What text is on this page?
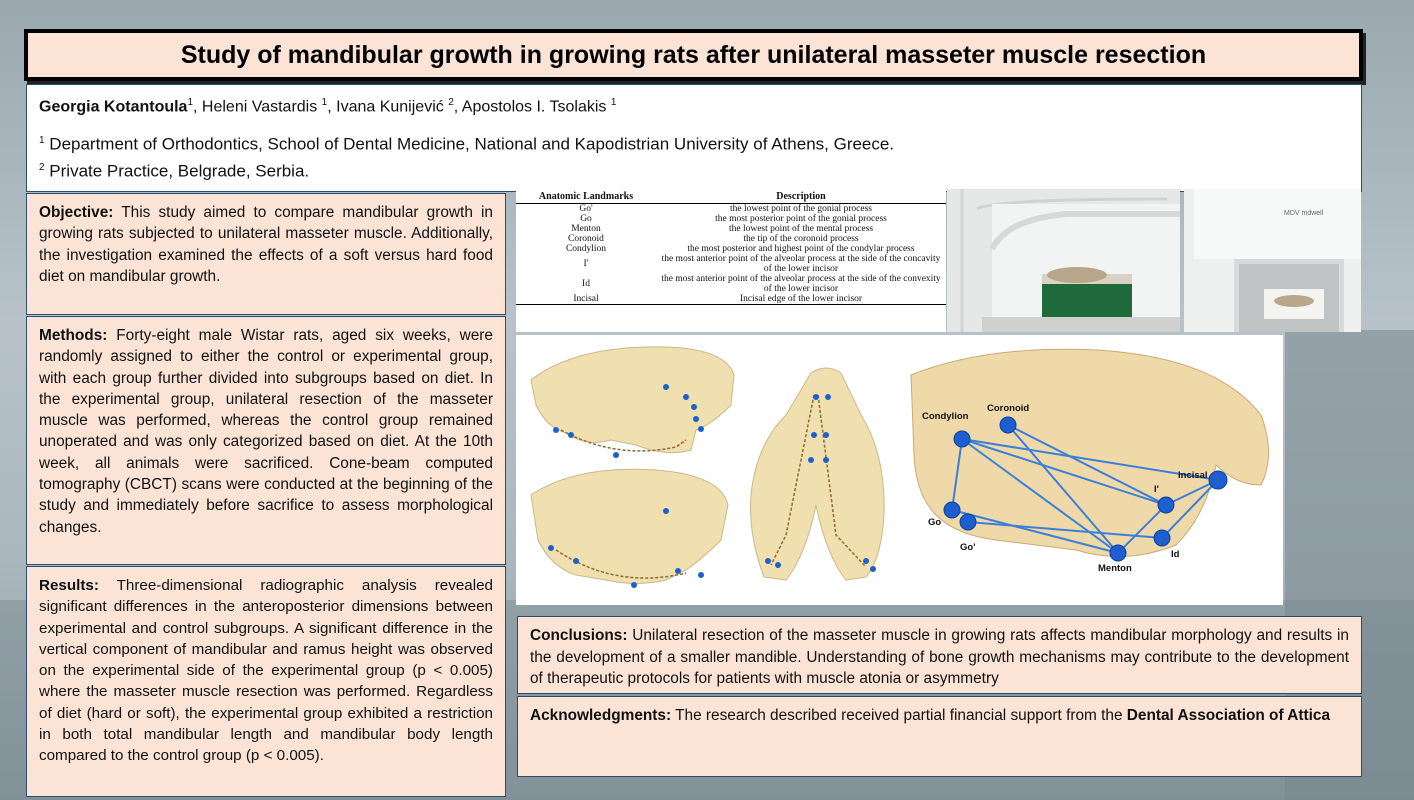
Study of mandibular growth in growing rats after unilateral masseter muscle resection
Georgia Kotantoula$^1$, Heleni Vastardis $^1$, Ivana Kunijević $^2$, Apostolos I. Tsolakis $^1$
$^1$ Department of Orthodontics, School of Dental Medicine, National and Kapodistrian University of Athens, Greece.
$^2$ Private Practice, Belgrade, Serbia.
Objective: This study aimed to compare mandibular growth in growing rats subjected to unilateral masseter muscle. Additionally, the investigation examined the effects of a soft versus hard food diet on mandibular growth.
Methods: Forty-eight male Wistar rats, aged six weeks, were randomly assigned to either the control or experimental group, with each group further divided into subgroups based on diet. In the experimental group, unilateral resection of the masseter muscle was performed, whereas the control group remained unoperated and was only categorized based on diet. At the 10th week, all animals were sacrificed. Cone-beam computed tomography (CBCT) scans were conducted at the beginning of the study and immediately before sacrifice to assess morphological changes.
Results: Three-dimensional radiographic analysis revealed significant differences in the anteroposterior dimensions between experimental and control subgroups. A significant difference in the vertical component of mandibular and ramus height was observed on the experimental side of the experimental group (p < 0.005) where the masseter muscle resection was performed. Regardless of diet (hard or soft), the experimental group exhibited a restriction in both total mandibular length and mandibular body length compared to the control group (p < 0.005).
Anatomic Landmarks	Description
Go'	the lowest point of the gonial process
Go	the most posterior point of the gonial process
Menton	the lowest point of the mental process
Coronoid	the tip of the coronoid process
Condylion	the most posterior and highest point of the condylar process
I'	the most anterior point of the alveolar process at the side of the concavity of the lower incisor
Id	the most anterior point of the alveolar process at the side of the convexity of the lower incisor
Incisal	Incisal edge of the lower incisor
MDV mdwell
Condylion
Coronoid
Incisal
I'
Go
Go'
Menton
Id
Conclusions: Unilateral resection of the masseter muscle in growing rats affects mandibular morphology and results in the development of a smaller mandible. Understanding of bone growth mechanisms may contribute to the development of therapeutic protocols for patients with muscle atonia or asymmetry
Acknowledgments: The research described received partial financial support from the Dental Association of Attica
